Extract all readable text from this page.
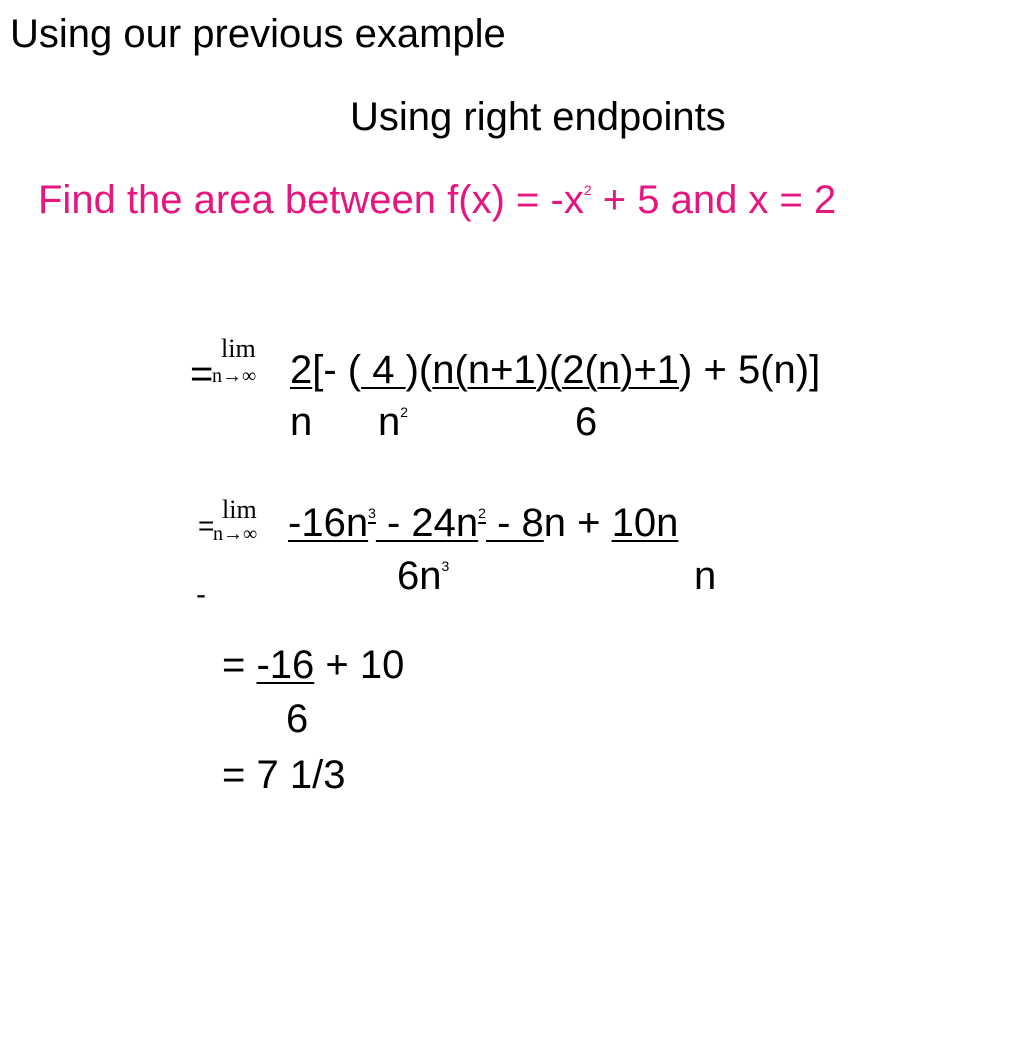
Using our previous example
Using right endpoints
Find the area between $f(x) = -x^2 + 5$ and x = 2
=
lim
n→∞ 2[- ( 4 )(n(n+1)(2(n)+1) + 5(n)]
n $n^2$	6
=
lim
n→∞ $-16n^3 - 24n^2 - 8n + 10n$
$6n^3$	n
-
= -16 + 10
6
= 7 1/3
